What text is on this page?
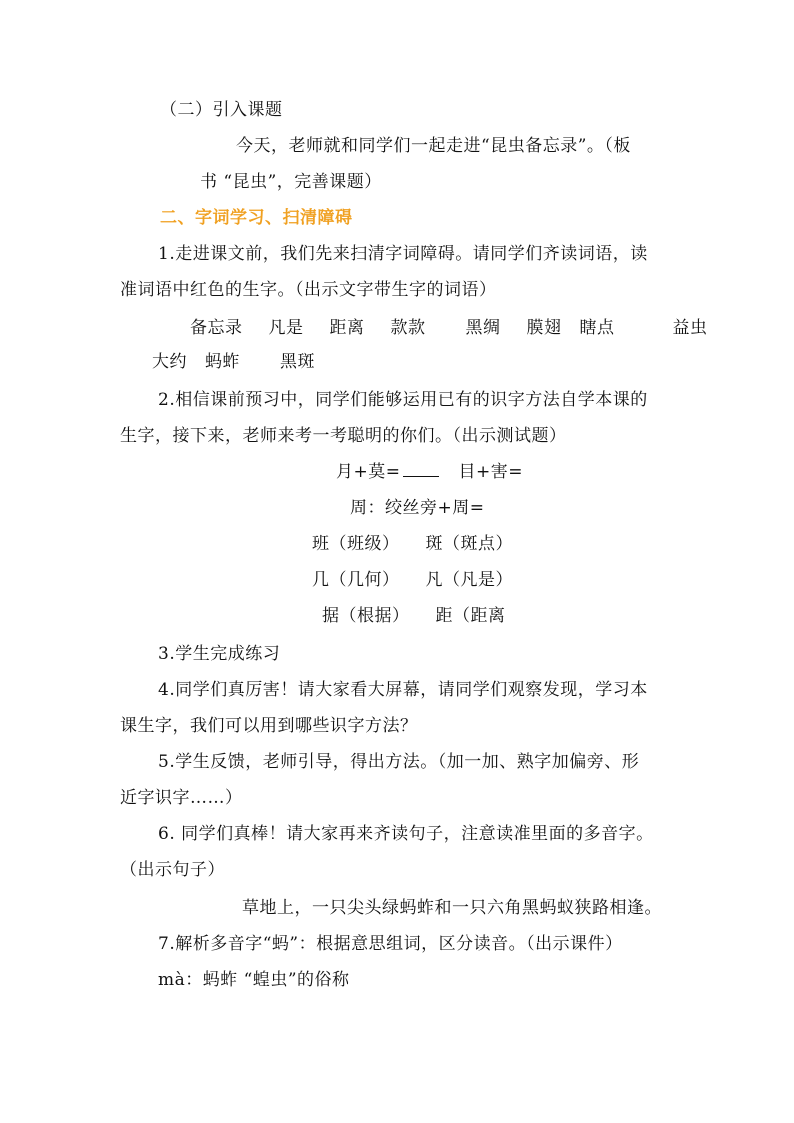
（二）引入课题
今天，老师就和同学们一起走进“昆虫备忘录”。（板
书 “昆虫”，完善课题）
二、字词学习、扫清障碍
1.走进课文前，我们先来扫清字词障碍。请同学们齐读词语，读
准词语中红色的生字。（出示文字带生字的词语）
备忘录 凡是 距离 款款 黑绸 膜翅 瞎点	益虫
大约 蚂蚱 黑斑
2.相信课前预习中，同学们能够运用已有的识字方法自学本课的
生字，接下来，老师来考一考聪明的你们。（出示测试题）
月+莫=	目+害=
周：绞丝旁+周=
班（班级） 斑（斑点）
几（几何） 凡（凡是）
据（根据） 距（距离
3.学生完成练习
4.同学们真厉害！请大家看大屏幕，请同学们观察发现，学习本
课生字，我们可以用到哪些识字方法？
5.学生反馈，老师引导，得出方法。（加一加、熟字加偏旁、形
近字识字……）
6. 同学们真棒！请大家再来齐读句子，注意读准里面的多音字。
（出示句子）
草地上，一只尖头绿蚂蚱和一只六角黑蚂蚁狭路相逢。
7.解析多音字“蚂”：根据意思组词，区分读音。（出示课件）
mà：蚂蚱 “蝗虫”的俗称
